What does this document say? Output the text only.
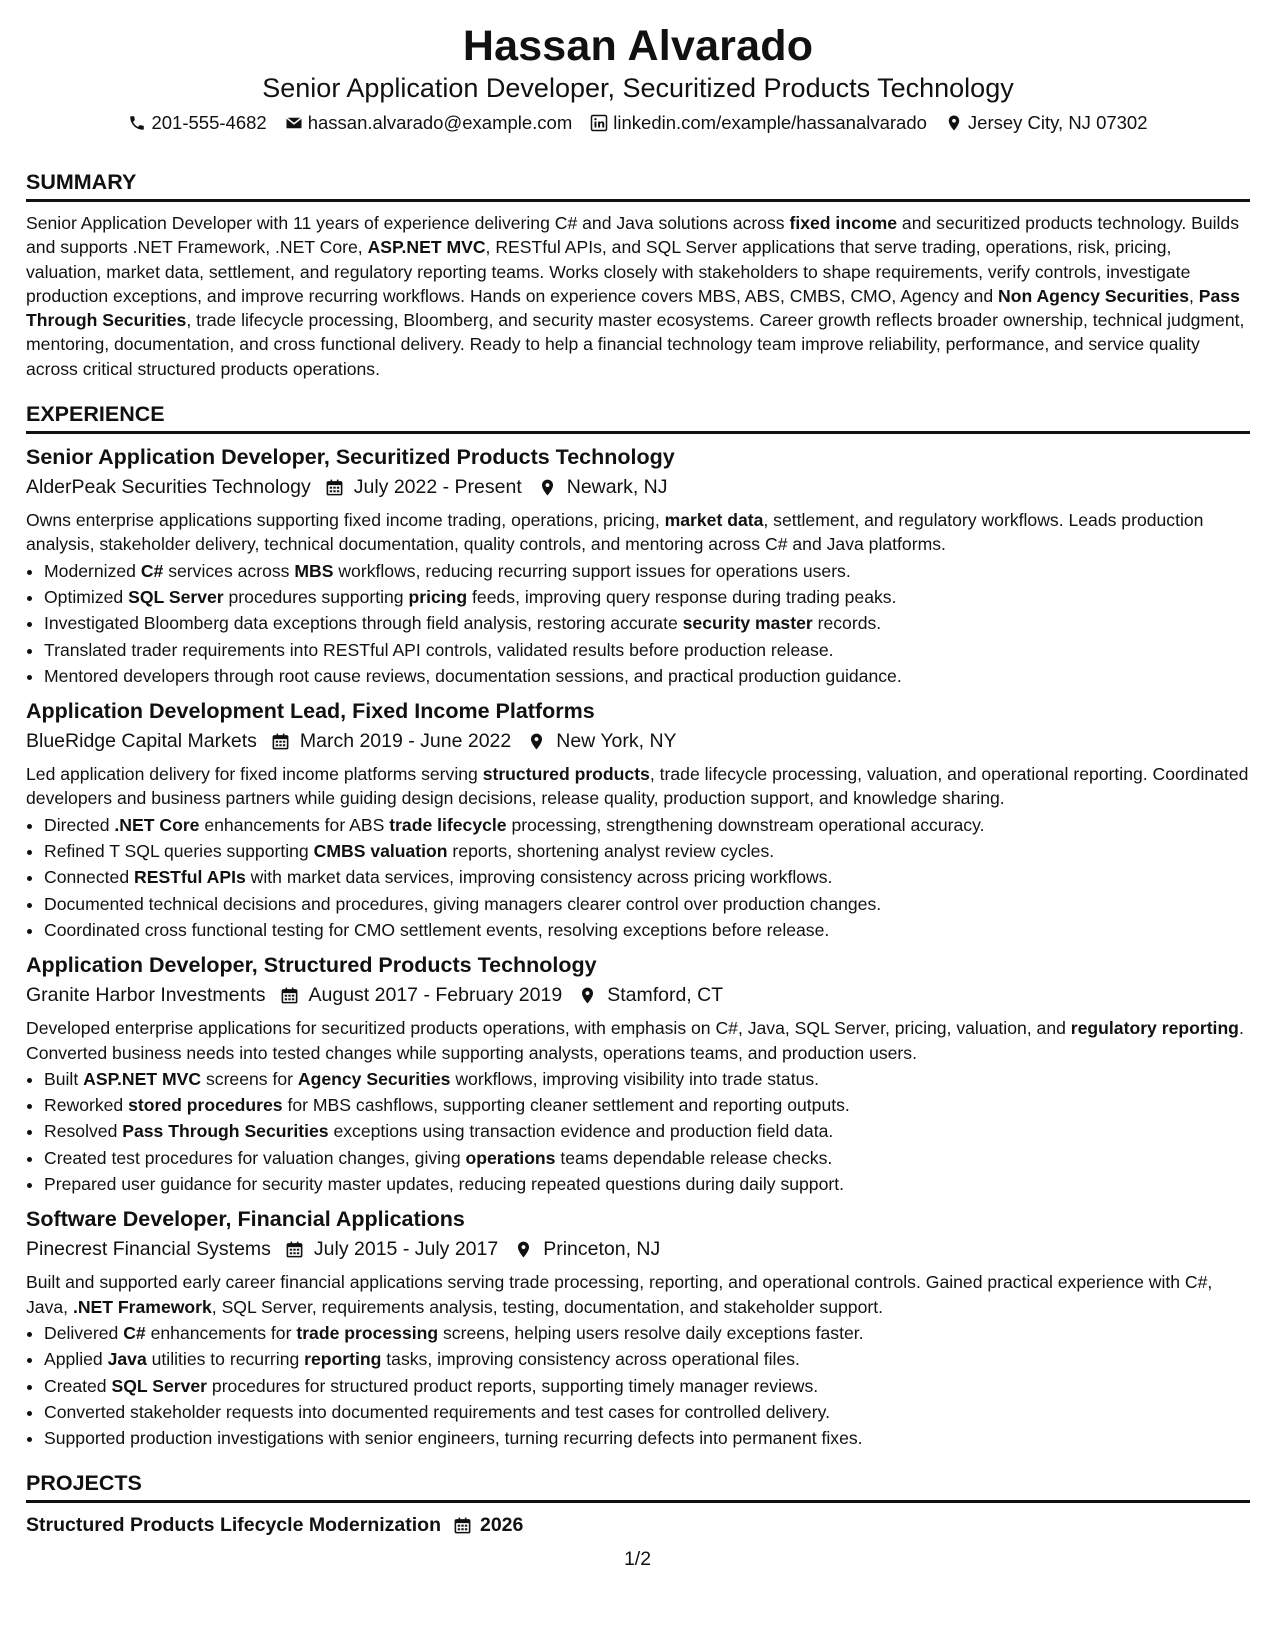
Hassan Alvarado
Senior Application Developer, Securitized Products Technology
201-555-4682 hassan.alvarado@example.com linkedin.com/example/hassanalvarado Jersey City, NJ 07302
SUMMARY
Senior Application Developer with 11 years of experience delivering C# and Java solutions across fixed income and securitized products technology. Builds and supports .NET Framework, .NET Core, ASP.NET MVC, RESTful APIs, and SQL Server applications that serve trading, operations, risk, pricing, valuation, market data, settlement, and regulatory reporting teams. Works closely with stakeholders to shape requirements, verify controls, investigate production exceptions, and improve recurring workflows. Hands on experience covers MBS, ABS, CMBS, CMO, Agency and Non Agency Securities, Pass Through Securities, trade lifecycle processing, Bloomberg, and security master ecosystems. Career growth reflects broader ownership, technical judgment, mentoring, documentation, and cross functional delivery. Ready to help a financial technology team improve reliability, performance, and service quality across critical structured products operations.
EXPERIENCE
Senior Application Developer, Securitized Products Technology
AlderPeak Securities Technology July 2022 - Present Newark, NJ
Owns enterprise applications supporting fixed income trading, operations, pricing, market data, settlement, and regulatory workflows. Leads production analysis, stakeholder delivery, technical documentation, quality controls, and mentoring across C# and Java platforms.
• Modernized C# services across MBS workflows, reducing recurring support issues for operations users.
• Optimized SQL Server procedures supporting pricing feeds, improving query response during trading peaks.
• Investigated Bloomberg data exceptions through field analysis, restoring accurate security master records.
• Translated trader requirements into RESTful API controls, validated results before production release.
• Mentored developers through root cause reviews, documentation sessions, and practical production guidance.
Application Development Lead, Fixed Income Platforms
BlueRidge Capital Markets March 2019 - June 2022 New York, NY
Led application delivery for fixed income platforms serving structured products, trade lifecycle processing, valuation, and operational reporting. Coordinated developers and business partners while guiding design decisions, release quality, production support, and knowledge sharing.
• Directed .NET Core enhancements for ABS trade lifecycle processing, strengthening downstream operational accuracy.
• Refined T SQL queries supporting CMBS valuation reports, shortening analyst review cycles.
• Connected RESTful APIs with market data services, improving consistency across pricing workflows.
• Documented technical decisions and procedures, giving managers clearer control over production changes.
• Coordinated cross functional testing for CMO settlement events, resolving exceptions before release.
Application Developer, Structured Products Technology
Granite Harbor Investments August 2017 - February 2019 Stamford, CT
Developed enterprise applications for securitized products operations, with emphasis on C#, Java, SQL Server, pricing, valuation, and regulatory reporting. Converted business needs into tested changes while supporting analysts, operations teams, and production users.
• Built ASP.NET MVC screens for Agency Securities workflows, improving visibility into trade status.
• Reworked stored procedures for MBS cashflows, supporting cleaner settlement and reporting outputs.
• Resolved Pass Through Securities exceptions using transaction evidence and production field data.
• Created test procedures for valuation changes, giving operations teams dependable release checks.
• Prepared user guidance for security master updates, reducing repeated questions during daily support.
Software Developer, Financial Applications
Pinecrest Financial Systems July 2015 - July 2017 Princeton, NJ
Built and supported early career financial applications serving trade processing, reporting, and operational controls. Gained practical experience with C#, Java, .NET Framework, SQL Server, requirements analysis, testing, documentation, and stakeholder support.
• Delivered C# enhancements for trade processing screens, helping users resolve daily exceptions faster.
• Applied Java utilities to recurring reporting tasks, improving consistency across operational files.
• Created SQL Server procedures for structured product reports, supporting timely manager reviews.
• Converted stakeholder requests into documented requirements and test cases for controlled delivery.
• Supported production investigations with senior engineers, turning recurring defects into permanent fixes.
PROJECTS
Structured Products Lifecycle Modernization 2026
1/2
